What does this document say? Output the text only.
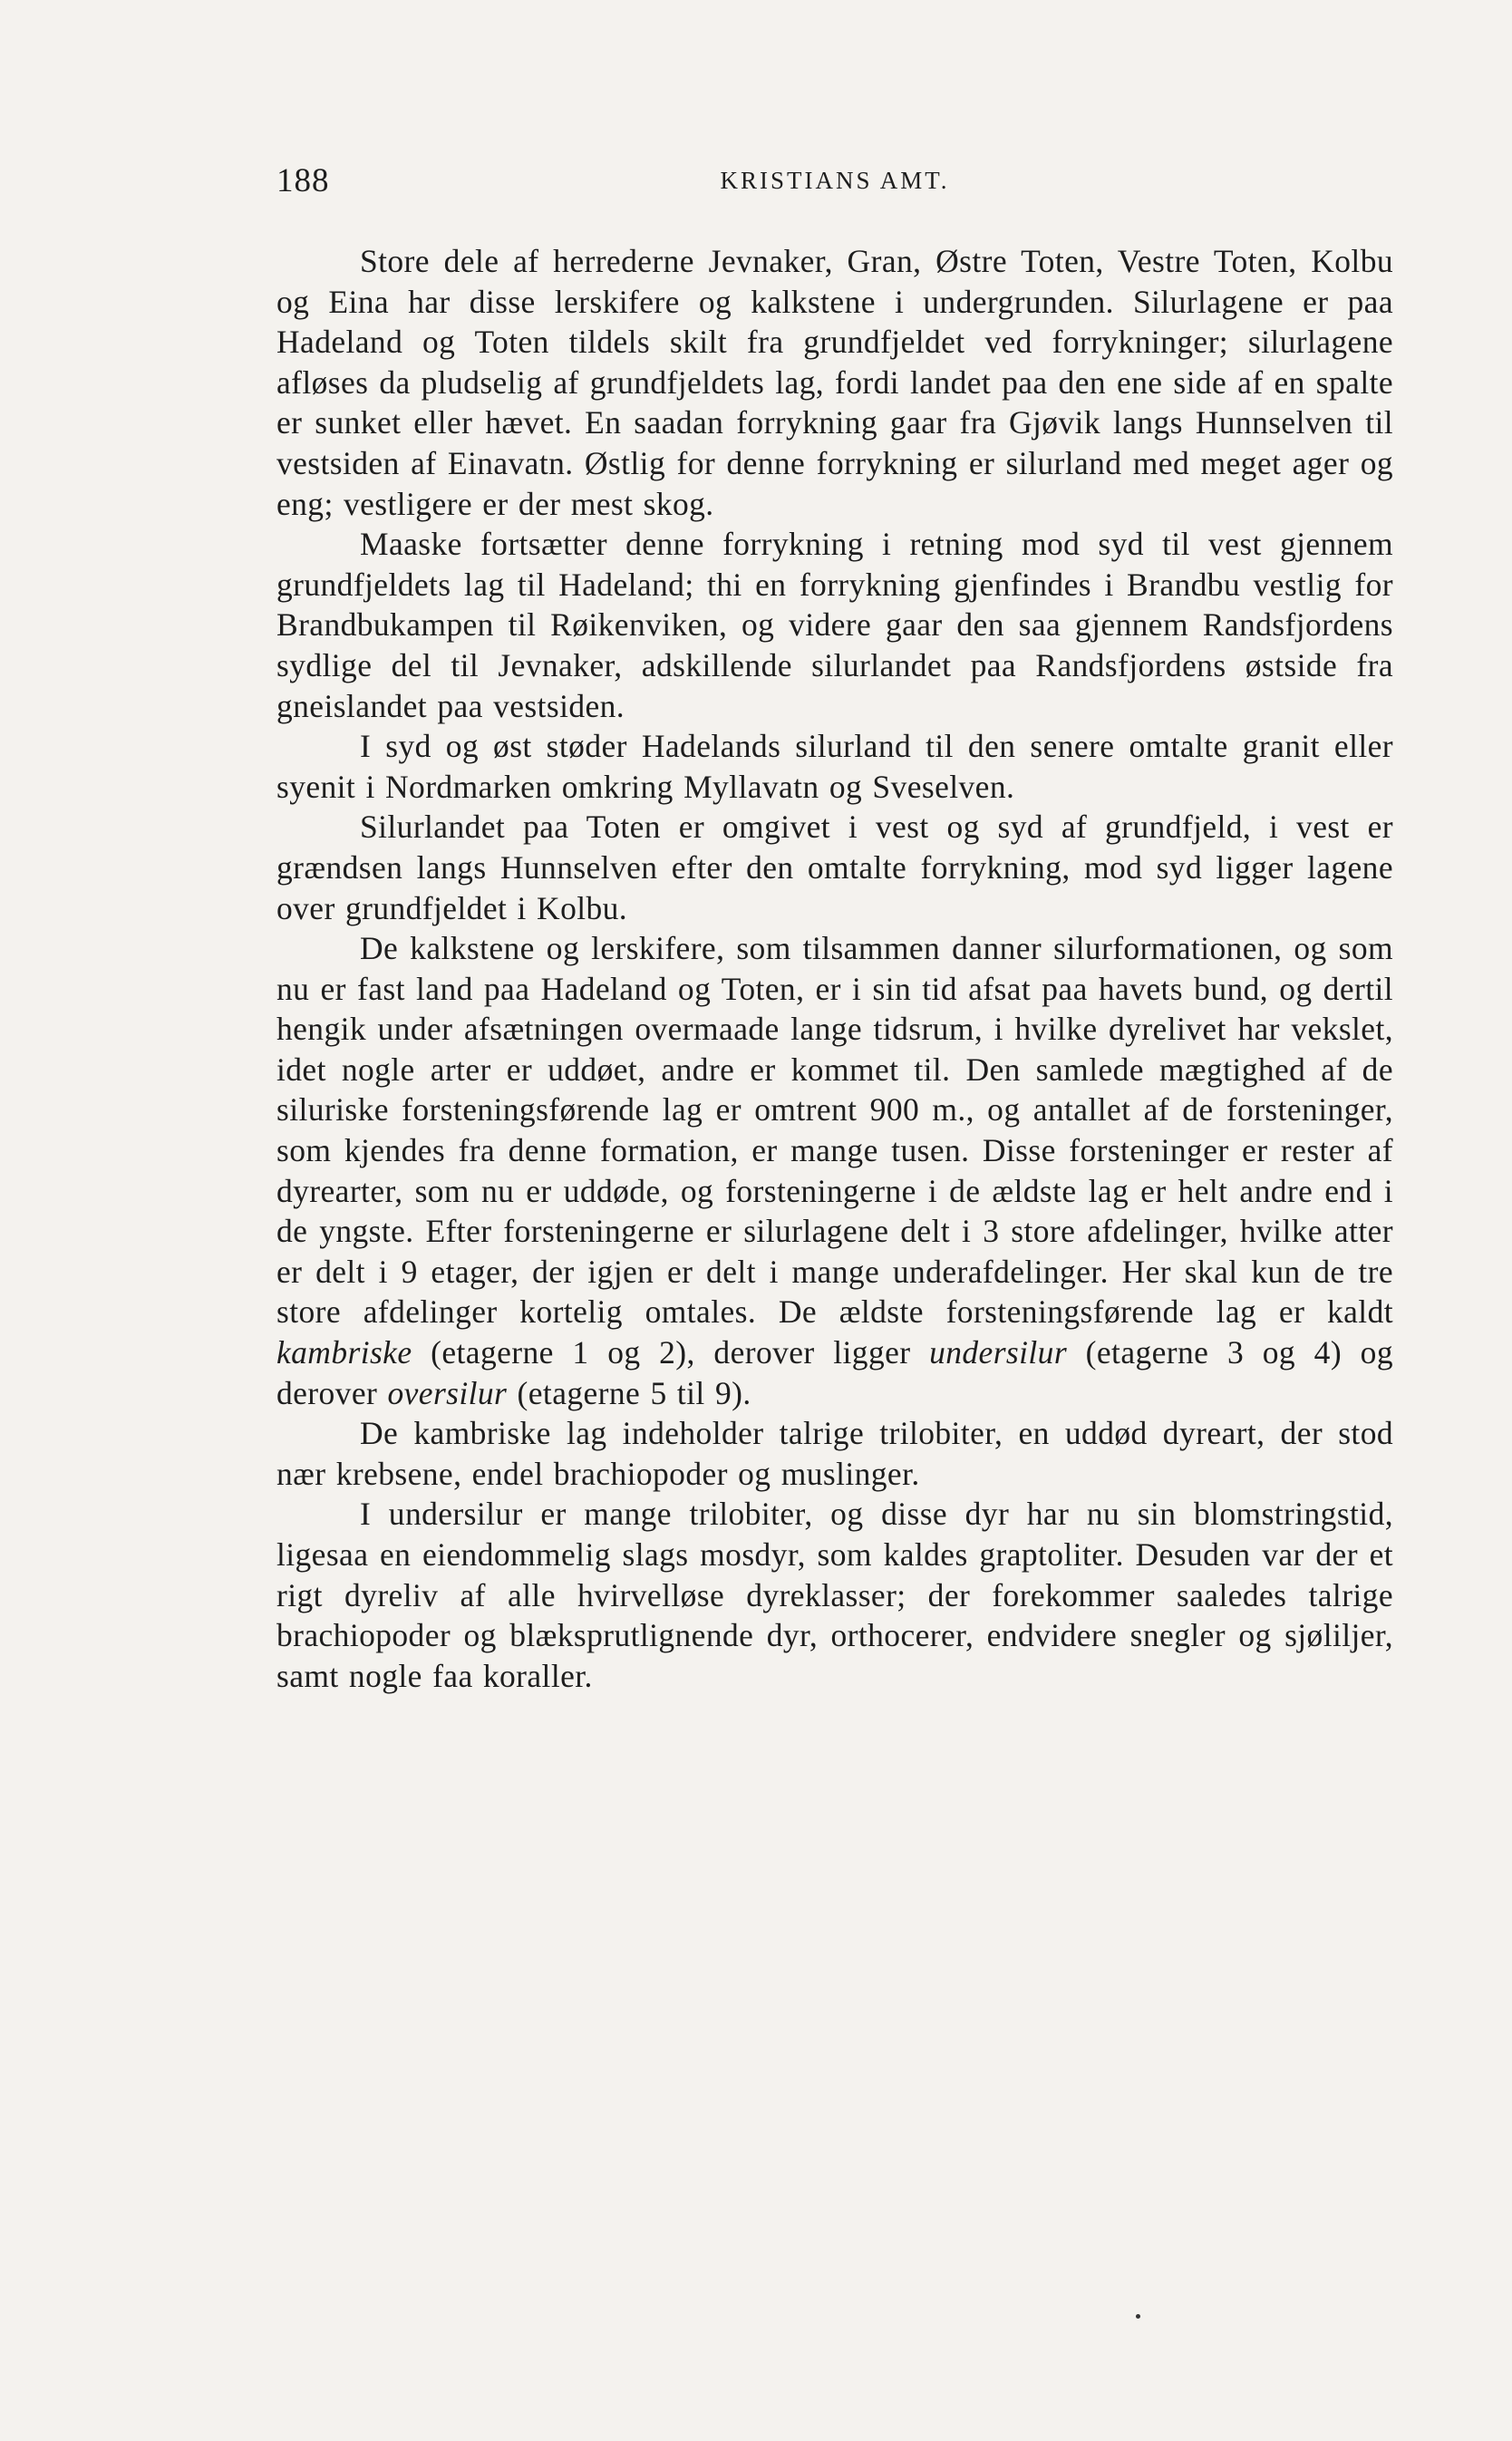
188	KRISTIANS AMT.

Store dele af herrederne Jevnaker, Gran, Østre Toten, Vestre Toten, Kolbu og Eina har disse lerskifere og kalkstene i undergrunden. Silurlagene er paa Hadeland og Toten tildels skilt fra grundfjeldet ved forrykninger; silurlagene afløses da pludselig af grundfjeldets lag, fordi landet paa den ene side af en spalte er sunket eller hævet. En saadan forrykning gaar fra Gjøvik langs Hunnselven til vestsiden af Einavatn. Østlig for denne forrykning er silurland med meget ager og eng; vestligere er der mest skog.

Maaske fortsætter denne forrykning i retning mod syd til vest gjennem grundfjeldets lag til Hadeland; thi en forrykning gjenfindes i Brandbu vestlig for Brandbukampen til Røikenviken, og videre gaar den saa gjennem Randsfjordens sydlige del til Jevnaker, adskillende silurlandet paa Randsfjordens østside fra gneislandet paa vestsiden.

I syd og øst støder Hadelands silurland til den senere omtalte granit eller syenit i Nordmarken omkring Myllavatn og Sveselven.

Silurlandet paa Toten er omgivet i vest og syd af grundfjeld, i vest er grændsen langs Hunnselven efter den omtalte forrykning, mod syd ligger lagene over grundfjeldet i Kolbu.

De kalkstene og lerskifere, som tilsammen danner silurformationen, og som nu er fast land paa Hadeland og Toten, er i sin tid afsat paa havets bund, og dertil hengik under afsætningen overmaade lange tidsrum, i hvilke dyrelivet har vekslet, idet nogle arter er uddøet, andre er kommet til. Den samlede mægtighed af de siluriske forsteningsførende lag er omtrent 900 m., og antallet af de forsteninger, som kjendes fra denne formation, er mange tusen. Disse forsteninger er rester af dyrearter, som nu er uddøde, og forsteningerne i de ældste lag er helt andre end i de yngste. Efter forsteningerne er silurlagene delt i 3 store afdelinger, hvilke atter er delt i 9 etager, der igjen er delt i mange underafdelinger. Her skal kun de tre store afdelinger kortelig omtales. De ældste forsteningsførende lag er kaldt kambriske (etagerne 1 og 2), derover ligger undersilur (etagerne 3 og 4) og derover oversilur (etagerne 5 til 9).

De kambriske lag indeholder talrige trilobiter, en uddød dyreart, der stod nær krebsene, endel brachiopoder og muslinger.

I undersilur er mange trilobiter, og disse dyr har nu sin blomstringstid, ligesaa en eiendommelig slags mosdyr, som kaldes graptoliter. Desuden var der et rigt dyreliv af alle hvirvelløse dyreklasser; der forekommer saaledes talrige brachiopoder og blæksprutlignende dyr, orthocerer, endvidere snegler og sjøliljer, samt nogle faa koraller.
